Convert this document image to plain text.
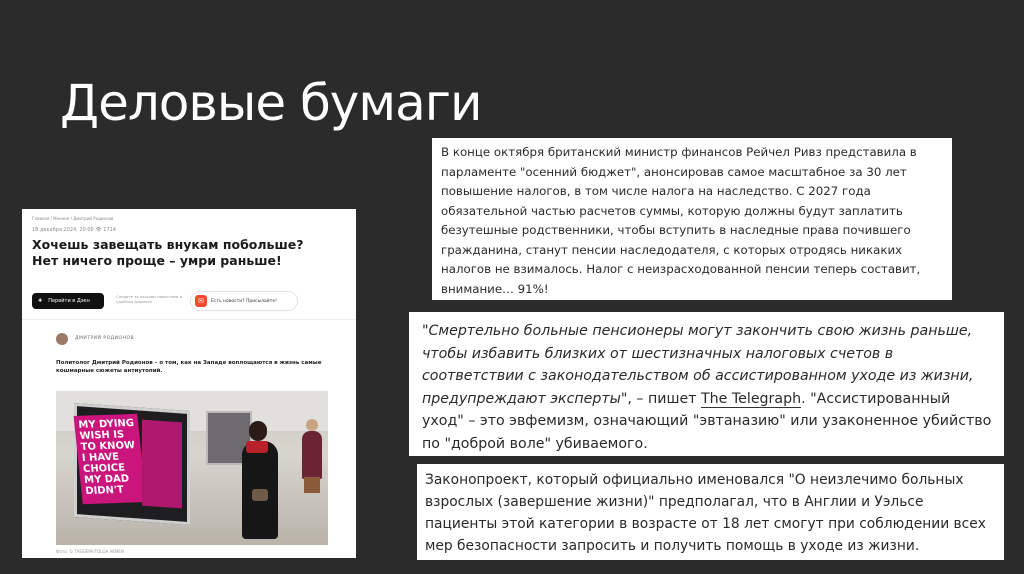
Деловые бумаги
Главная / Мнения / Дмитрий Родионов
18 декабря 2024, 20:00 👁 1714
Хочешь завещать внукам побольше? Нет ничего проще – умри раньше!
✚ Перейти в Дзен
Следите за нашими новостями в удобном формате	✉	Есть новости? Присылайте!
ДМИТРИЙ РОДИОНОВ
Политолог Дмитрий Родионов – о том, как на Западе воплощаются в жизнь самые кошмарные сюжеты антиутопий.
MY DYING WISH IS TO KNOW I HAVE CHOICE MY DAD DIDN'T
Фото: © TASS/EPA/TOLGA AKMEN
В конце октября британский министр финансов Рейчел Ривз представила в парламенте "осенний бюджет", анонсировав самое масштабное за 30 лет повышение налогов, в том числе налога на наследство. С 2027 года обязательной частью расчетов суммы, которую должны будут заплатить безутешные родственники, чтобы вступить в наследные права почившего гражданина, станут пенсии наследодателя, с которых отродясь никаких налогов не взималось. Налог с неизрасходованной пенсии теперь составит, внимание… 91%!
"Смертельно больные пенсионеры могут закончить свою жизнь раньше, чтобы избавить близких от шестизначных налоговых счетов в соответствии с законодательством об ассистированном уходе из жизни, предупреждают эксперты", – пишет The Telegraph. "Ассистированный уход" – это эвфемизм, означающий "эвтаназию" или узаконенное убийство по "доброй воле" убиваемого.
Законопроект, который официально именовался "О неизлечимо больных взрослых (завершение жизни)" предполагал, что в Англии и Уэльсе пациенты этой категории в возрасте от 18 лет смогут при соблюдении всех мер безопасности запросить и получить помощь в уходе из жизни.
